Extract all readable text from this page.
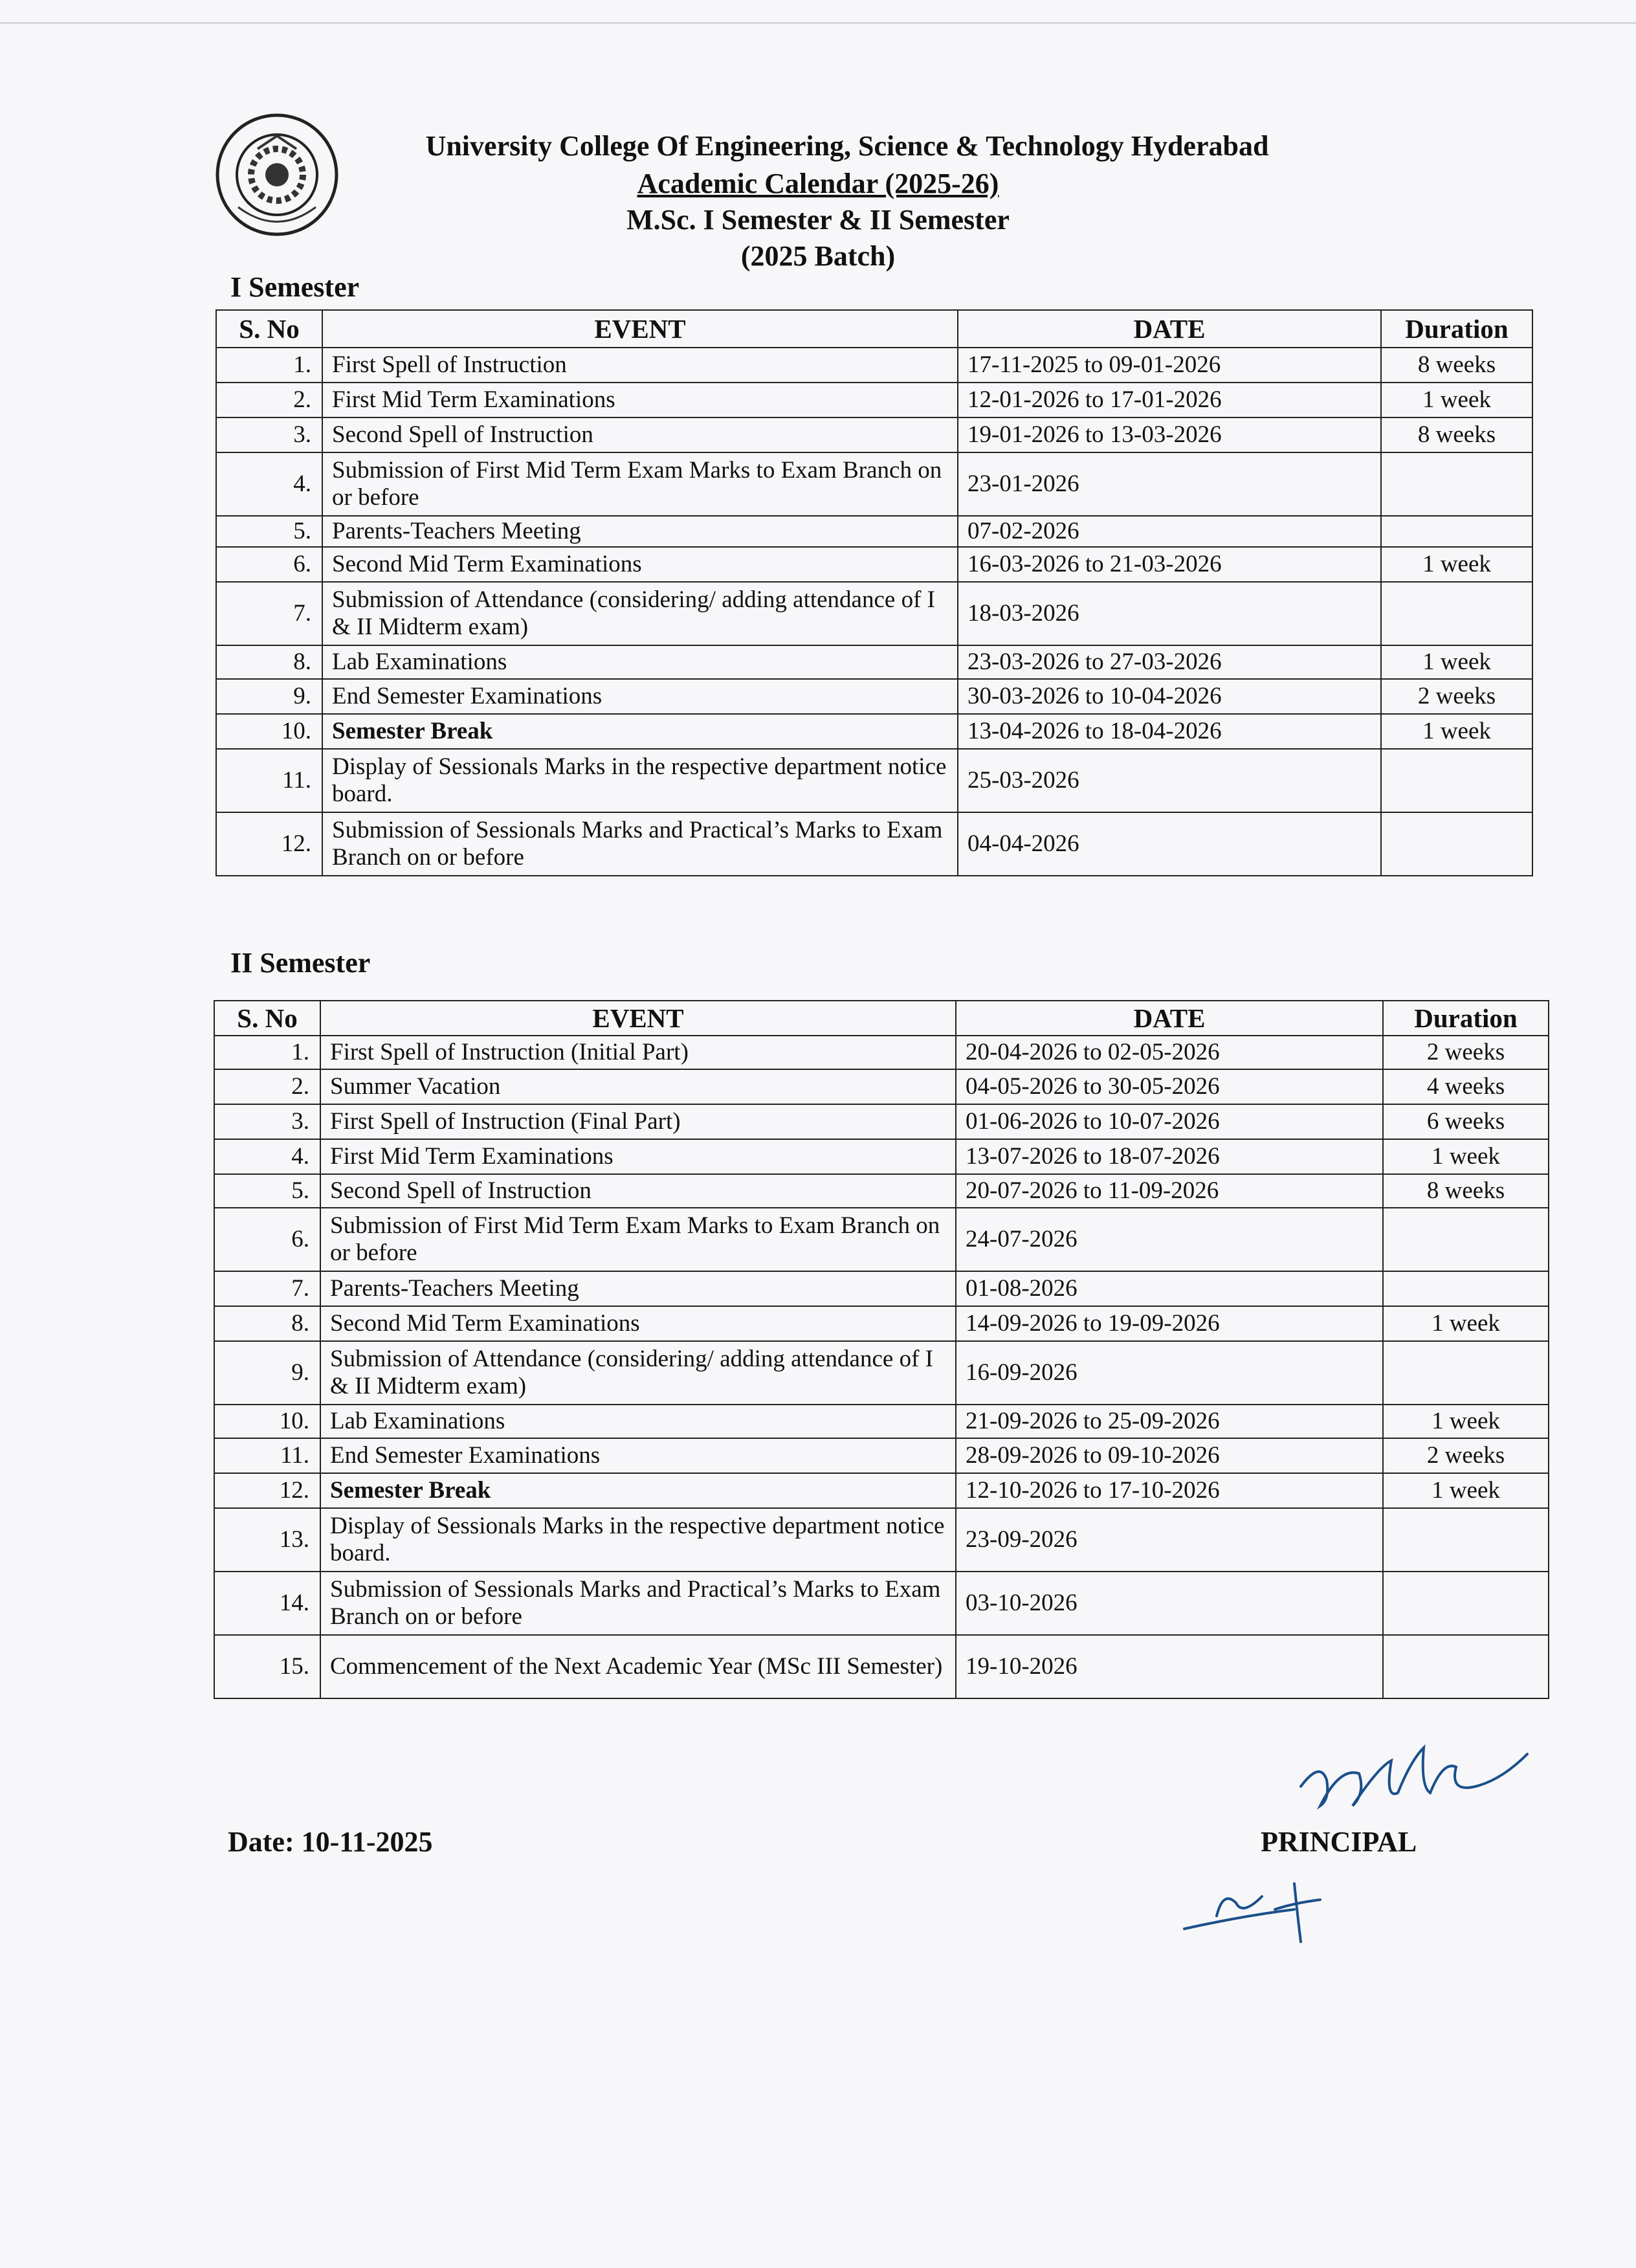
University College Of Engineering, Science & Technology Hyderabad
Academic Calendar (2025-26)
M.Sc. I Semester & II Semester
(2025 Batch)
I Semester
S. No	EVENT	DATE	Duration
1.	First Spell of Instruction	17-11-2025 to 09-01-2026	8 weeks
2.	First Mid Term Examinations	12-01-2026 to 17-01-2026	1 week
3.	Second Spell of Instruction	19-01-2026 to 13-03-2026	8 weeks
4.	Submission of First Mid Term Exam Marks to Exam Branch on or before	23-01-2026	
5.	Parents-Teachers Meeting	07-02-2026	
6.	Second Mid Term Examinations	16-03-2026 to 21-03-2026	1 week
7.	Submission of Attendance (considering/ adding attendance of I & II Midterm exam)	18-03-2026	
8.	Lab Examinations	23-03-2026 to 27-03-2026	1 week
9.	End Semester Examinations	30-03-2026 to 10-04-2026	2 weeks
10.	Semester Break	13-04-2026 to 18-04-2026	1 week
11.	Display of Sessionals Marks in the respective department notice board.	25-03-2026	
12.	Submission of Sessionals Marks and Practical’s Marks to Exam Branch on or before	04-04-2026	
II Semester
S. No	EVENT	DATE	Duration
1.	First Spell of Instruction (Initial Part)	20-04-2026 to 02-05-2026	2 weeks
2.	Summer Vacation	04-05-2026 to 30-05-2026	4 weeks
3.	First Spell of Instruction (Final Part)	01-06-2026 to 10-07-2026	6 weeks
4.	First Mid Term Examinations	13-07-2026 to 18-07-2026	1 week
5.	Second Spell of Instruction	20-07-2026 to 11-09-2026	8 weeks
6.	Submission of First Mid Term Exam Marks to Exam Branch on or before	24-07-2026	
7.	Parents-Teachers Meeting	01-08-2026	
8.	Second Mid Term Examinations	14-09-2026 to 19-09-2026	1 week
9.	Submission of Attendance (considering/ adding attendance of I & II Midterm exam)	16-09-2026	
10.	Lab Examinations	21-09-2026 to 25-09-2026	1 week
11.	End Semester Examinations	28-09-2026 to 09-10-2026	2 weeks
12.	Semester Break	12-10-2026 to 17-10-2026	1 week
13.	Display of Sessionals Marks in the respective department notice board.	23-09-2026	
14.	Submission of Sessionals Marks and Practical’s Marks to Exam Branch on or before	03-10-2026	
15.	Commencement of the Next Academic Year (MSc III Semester)	19-10-2026	
Date: 10-11-2025	PRINCIPAL
